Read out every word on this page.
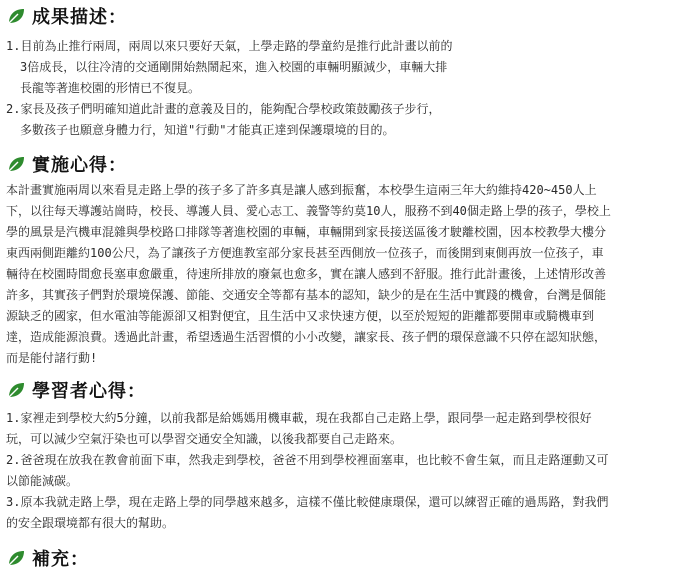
成果描述：
1.目前為止推行兩周，兩周以來只要好天氣，上學走路的學童約是推行此計畫以前的
3倍成長，以往冷清的交通剛開始熱鬧起來，進入校園的車輛明顯減少，車輛大排
長龍等著進校園的形情已不復見。
2.家長及孩子們明確知道此計畫的意義及目的，能夠配合學校政策鼓勵孩子步行，
多數孩子也願意身體力行，知道"行動"才能真正達到保護環境的目的。
實施心得：
本計畫實施兩周以來看見走路上學的孩子多了許多真是讓人感到振奮，本校學生這兩三年大約維持420~450人上
下，以往每天導護站崗時，校長、導護人員、愛心志工、義警等約莫10人，服務不到40個走路上學的孩子，學校上
學的風景是汽機車混雜與學校路口排隊等著進校園的車輛，車輛開到家長接送區後才駛離校園，因本校教學大樓分
東西兩側距離約100公尺，為了讓孩子方便進教室部分家長甚至西側放一位孩子，而後開到東側再放一位孩子，車
輛待在校園時間愈長塞車愈嚴重，待速所排放的廢氣也愈多，實在讓人感到不舒服。推行此計畫後，上述情形改善
許多，其實孩子們對於環境保護、節能、交通安全等都有基本的認知，缺少的是在生活中實踐的機會，台灣是個能
源缺乏的國家，但水電油等能源卻又相對便宜，且生活中又求快速方便，以至於短短的距離都要開車或騎機車到
達，造成能源浪費。透過此計畫，希望透過生活習慣的小小改變，讓家長、孩子們的環保意識不只停在認知狀態，
而是能付諸行動!
學習者心得：
1.家裡走到學校大約5分鐘，以前我都是給媽媽用機車載，現在我都自己走路上學，跟同學一起走路到學校很好
玩，可以減少空氣汙染也可以學習交通安全知識，以後我都要自己走路來。
2.爸爸現在放我在教會前面下車，然我走到學校，爸爸不用到學校裡面塞車，也比較不會生氣，而且走路運動又可
以節能減碳。
3.原本我就走路上學，現在走路上學的同學越來越多，這樣不僅比較健康環保，還可以練習正確的過馬路，對我們
的安全跟環境都有很大的幫助。
補充：
